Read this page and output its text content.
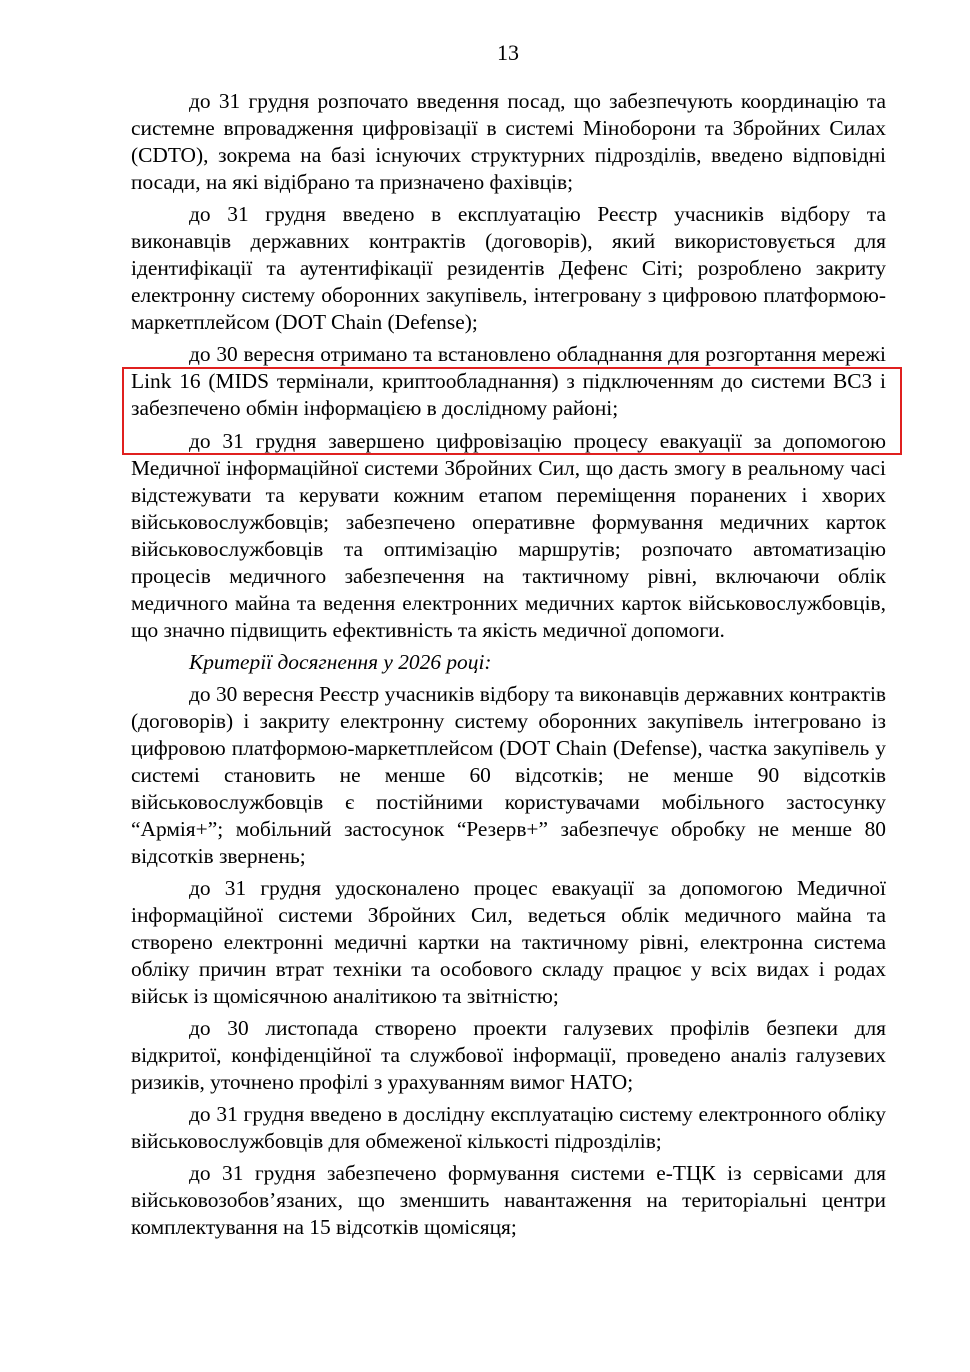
13

до 31 грудня розпочато введення посад, що забезпечують координацію та системне впровадження цифровізації в системі Міноборони та Збройних Силах (CDTO), зокрема на базі існуючих структурних підрозділів, введено відповідні посади, на які відібрано та призначено фахівців;

до 31 грудня введено в експлуатацію Реєстр учасників відбору та виконавців державних контрактів (договорів), який використовується для ідентифікації та аутентифікації резидентів Дефенс Сіті; розроблено закриту електронну систему оборонних закупівель, інтегровану з цифровою платформою-маркетплейсом (DOT Chain (Defense);

до 30 вересня отримано та встановлено обладнання для розгортання мережі Link 16 (MIDS термінали, криптообладнання) з підключенням до системи ВСЗ і забезпечено обмін інформацією в дослідному районі;

до 31 грудня завершено цифровізацію процесу евакуації за допомогою Медичної інформаційної системи Збройних Сил, що дасть змогу в реальному часі відстежувати та керувати кожним етапом переміщення поранених і хворих військовослужбовців; забезпечено оперативне формування медичних карток військовослужбовців та оптимізацію маршрутів; розпочато автоматизацію процесів медичного забезпечення на тактичному рівні, включаючи облік медичного майна та ведення електронних медичних карток військовослужбовців, що значно підвищить ефективність та якість медичної допомоги.

Критерії досягнення у 2026 році:

до 30 вересня Реєстр учасників відбору та виконавців державних контрактів (договорів) і закриту електронну систему оборонних закупівель інтегровано із цифровою платформою-маркетплейсом (DOT Chain (Defense), частка закупівель у системі становить не менше 60 відсотків; не менше 90 відсотків військовослужбовців є постійними користувачами мобільного застосунку “Армія+”; мобільний застосунок “Резерв+” забезпечує обробку не менше 80 відсотків звернень;

до 31 грудня удосконалено процес евакуації за допомогою Медичної інформаційної системи Збройних Сил, ведеться облік медичного майна та створено електронні медичні картки на тактичному рівні, електронна система обліку причин втрат техніки та особового складу працює у всіх видах і родах військ із щомісячною аналітикою та звітністю;

до 30 листопада створено проекти галузевих профілів безпеки для відкритої, конфіденційної та службової інформації, проведено аналіз галузевих ризиків, уточнено профілі з урахуванням вимог НАТО;

до 31 грудня введено в дослідну експлуатацію систему електронного обліку військовослужбовців для обмеженої кількості підрозділів;

до 31 грудня забезпечено формування системи е-ТЦК із сервісами для військовозобов’язаних, що зменшить навантаження на територіальні центри комплектування на 15 відсотків щомісяця;
